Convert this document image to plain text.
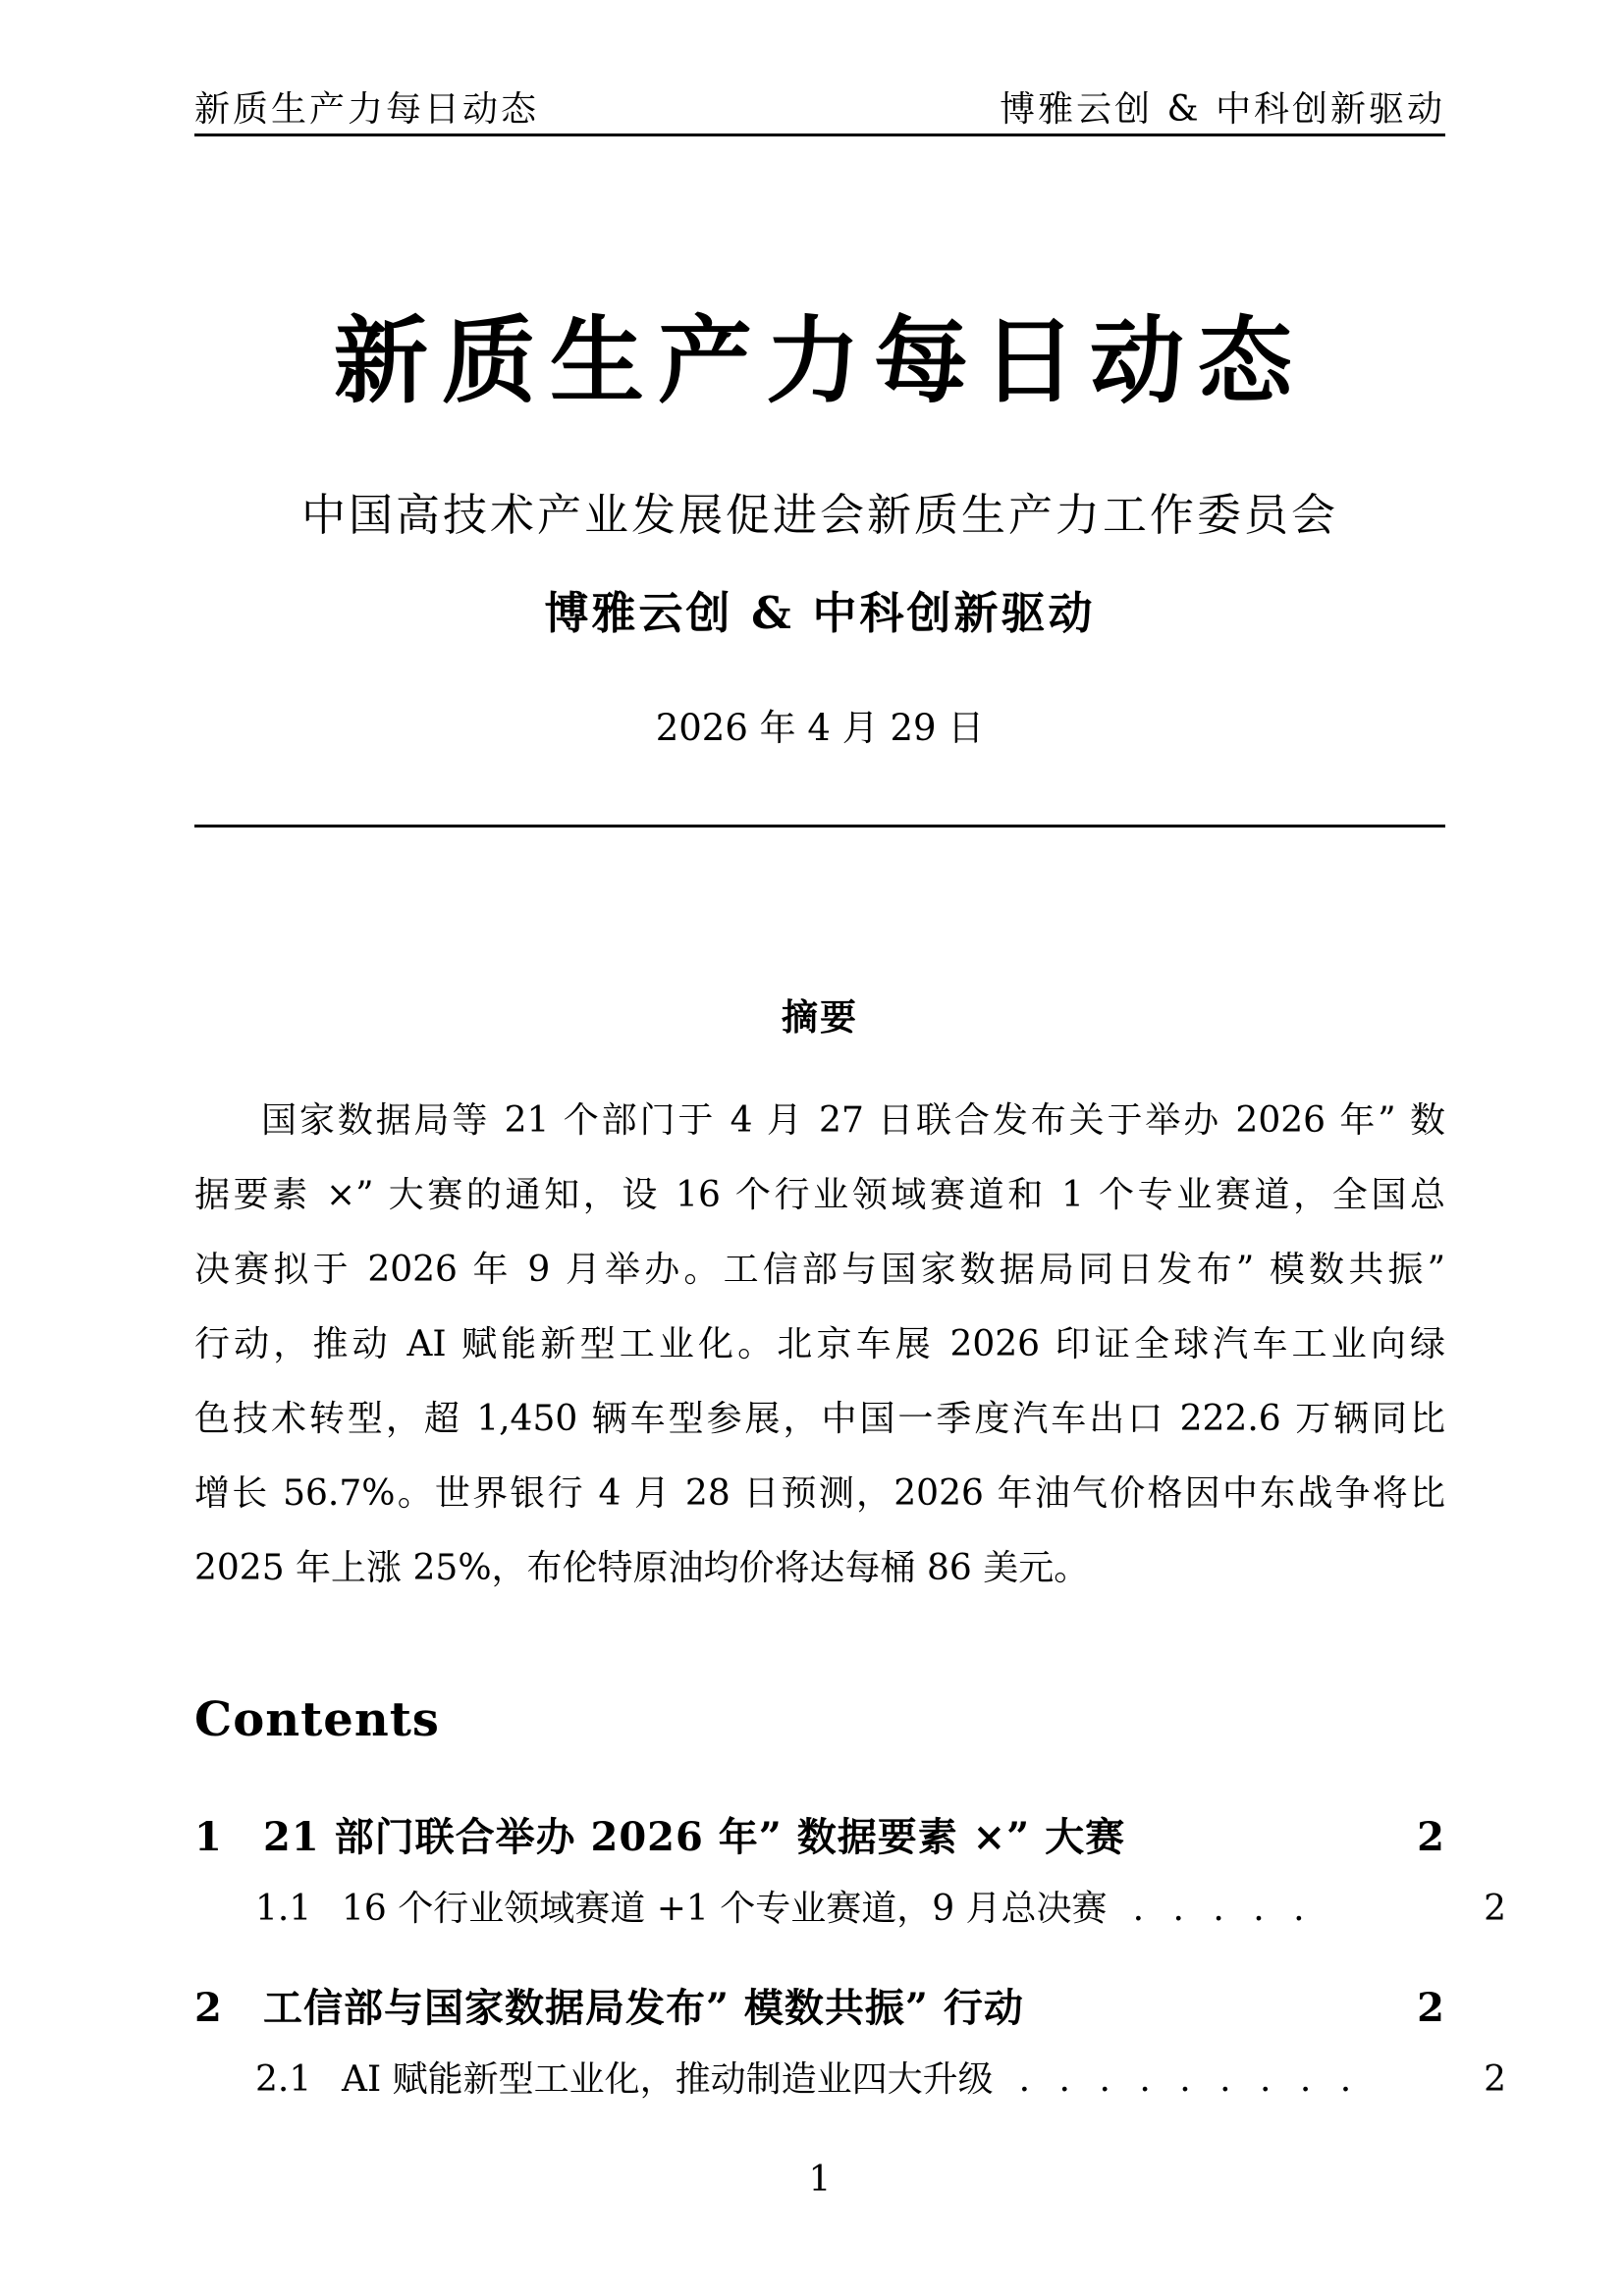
新质生产力每日动态	博雅云创 & 中科创新驱动
新质生产力每日动态
中国高技术产业发展促进会新质生产力工作委员会
博雅云创 & 中科创新驱动
2026 年 4 月 29 日
摘要
国家数据局等 21 个部门于 4 月 27 日联合发布关于举办 2026 年” 数
据要素 ×” 大赛的通知，设 16 个行业领域赛道和 1 个专业赛道，全国总
决赛拟于 2026 年 9 月举办。工信部与国家数据局同日发布” 模数共振”
行动，推动 AI 赋能新型工业化。北京车展 2026 印证全球汽车工业向绿
色技术转型，超 1,450 辆车型参展，中国一季度汽车出口 222.6 万辆同比
增长 56.7%。世界银行 4 月 28 日预测，2026 年油气价格因中东战争将比
2025 年上涨 25%，布伦特原油均价将达每桶 86 美元。
Contents
1	21 部门联合举办 2026 年” 数据要素 ×” 大赛	2
1.1 16 个行业领域赛道 +1 个专业赛道，9 月总决赛 . . . . .	2
2	工信部与国家数据局发布” 模数共振” 行动	2
2.1 AI 赋能新型工业化，推动制造业四大升级 . . . . . . . . .	2
1
